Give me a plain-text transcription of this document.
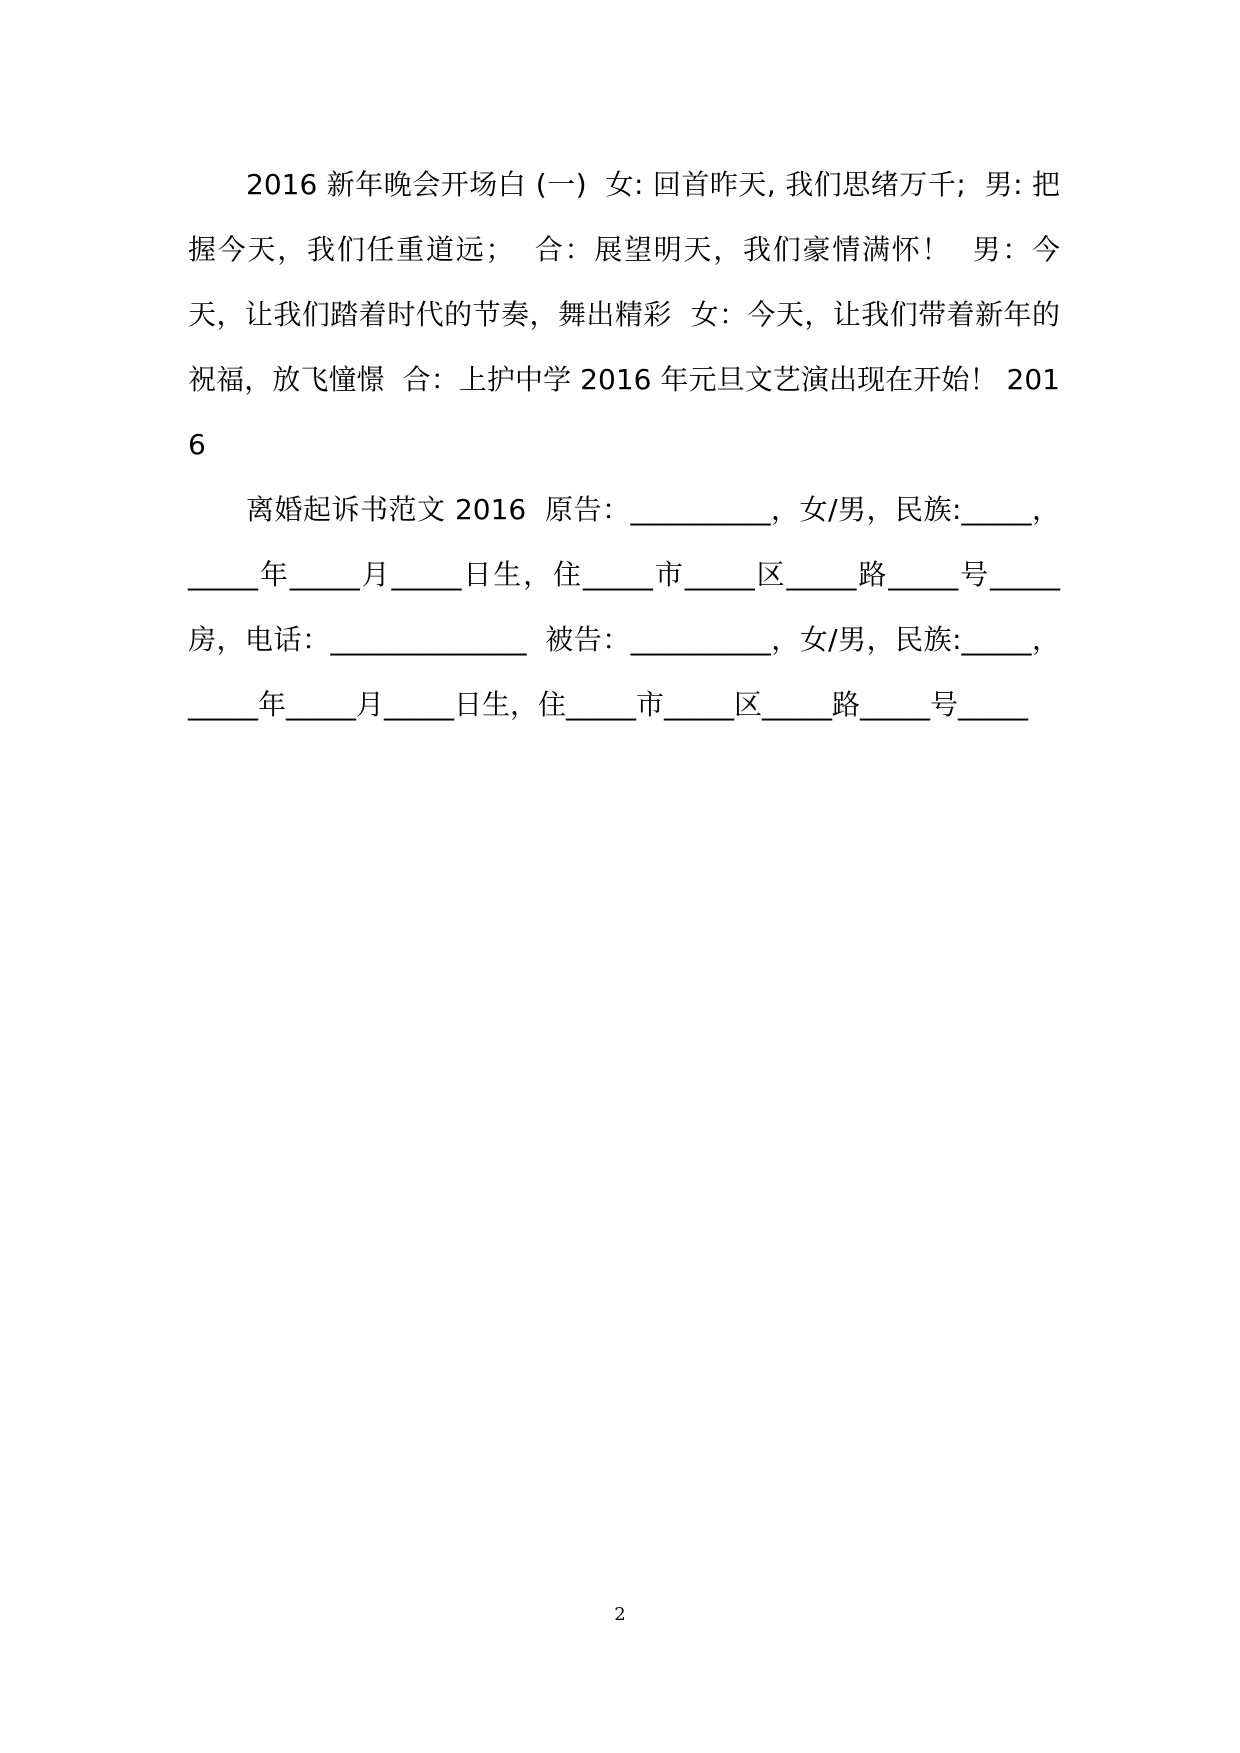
2016 新年晚会开场白 (一)  女: 回首昨天, 我们思绪万千;  男: 把握今天，我们任重道远；  合：展望明天，我们豪情满怀！  男：今天，让我们踏着时代的节奏，舞出精彩  女：今天，让我们带着新年的祝福，放飞憧憬  合：上护中学 2016 年元旦文艺演出现在开始！ 2016

离婚起诉书范文 2016  原告：__________，女/男，民族:_____，_____年_____月_____日生，住_____市_____区_____路_____号_____房，电话：______________  被告：__________，女/男，民族:_____，_____年_____月_____日生，住_____市_____区_____路_____号_____

2
